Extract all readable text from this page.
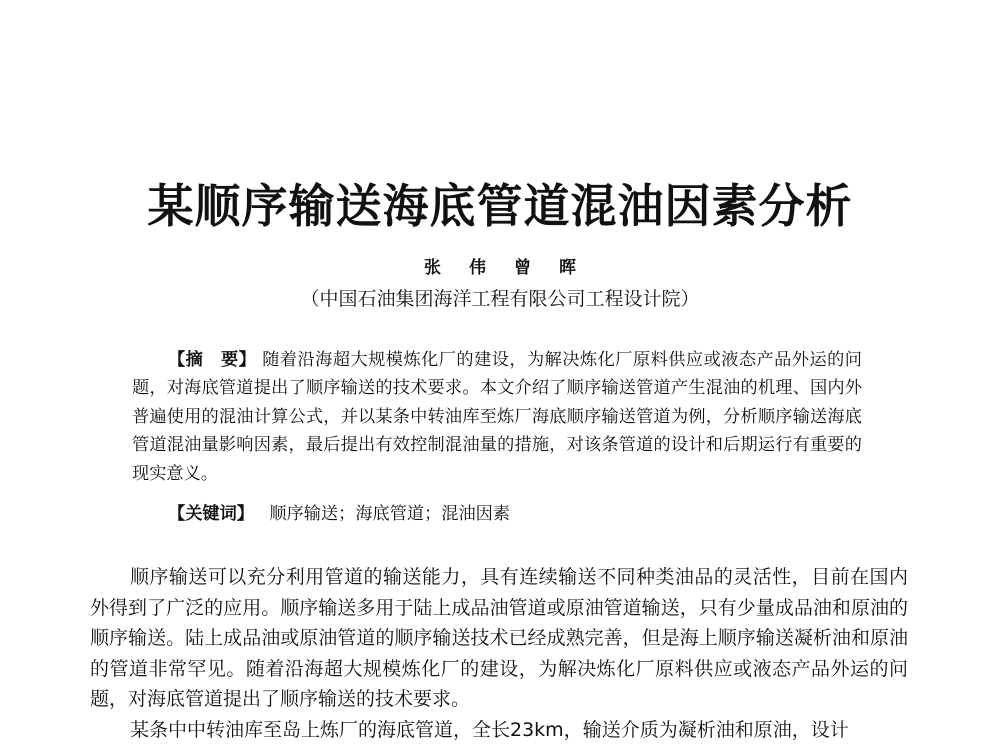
某顺序输送海底管道混油因素分析
张 伟 曾 晖
（中国石油集团海洋工程有限公司工程设计院）
【摘　要】 随着沿海超大规模炼化厂的建设，为解决炼化厂原料供应或液态产品外运的问题，对海底管道提出了顺序输送的技术要求。本文介绍了顺序输送管道产生混油的机理、国内外普遍使用的混油计算公式，并以某条中转油库至炼厂海底顺序输送管道为例，分析顺序输送海底管道混油量影响因素，最后提出有效控制混油量的措施，对该条管道的设计和后期运行有重要的现实意义。
【关键词】 顺序输送；海底管道；混油因素

顺序输送可以充分利用管道的输送能力，具有连续输送不同种类油品的灵活性，目前在国内外得到了广泛的应用。顺序输送多用于陆上成品油管道或原油管道输送，只有少量成品油和原油的顺序输送。陆上成品油或原油管道的顺序输送技术已经成熟完善，但是海上顺序输送凝析油和原油的管道非常罕见。随着沿海超大规模炼化厂的建设，为解决炼化厂原料供应或液态产品外运的问题，对海底管道提出了顺序输送的技术要求。

某条中中转油库至岛上炼厂的海底管道，全长23km，输送介质为凝析油和原油，设计
